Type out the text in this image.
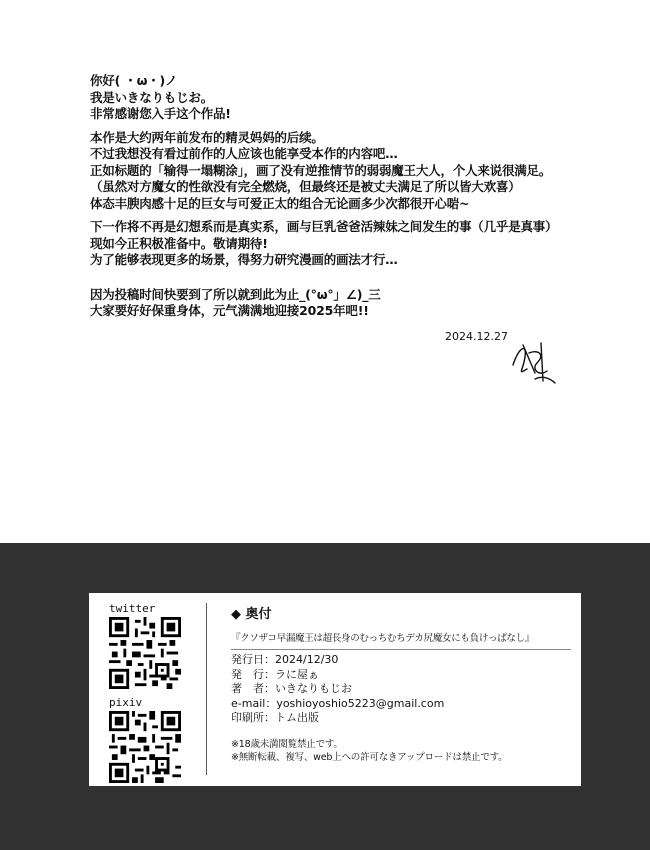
你好( ・ω・)ノ
我是いきなりもじお。
非常感谢您入手这个作品!
本作是大约两年前发布的精灵妈妈的后续。
不过我想没有看过前作的人应该也能享受本作的内容吧…
正如标题的「输得一塌糊涂」，画了没有逆推情节的弱弱魔王大人，个人来说很满足。
（虽然对方魔女的性欲没有完全燃烧，但最终还是被丈夫满足了所以皆大欢喜）
体态丰腴肉感十足的巨女与可爱正太的组合无论画多少次都很开心啱~
下一作将不再是幻想系而是真实系，画与巨乳爸爸活辣妹之间发生的事（几乎是真事）
现如今正积极准备中。敬请期待!
为了能够表现更多的场景，得努力研究漫画的画法才行…
因为投稿时间快要到了所以就到此为止_(°ω°」∠)_三
大家要好好保重身体，元气满满地迎接2025年吧!!
2024.12.27
twitter
pixiv
◆ 奥付
『クソザコ早漏魔王は超長身のむっちむちデカ尻魔女にも負けっぱなし』
発行日：2024/12/30
発　行：ラに屋ぁ
著　者：いきなりもじお
e-mail：yoshioyoshio5223@gmail.com
印刷所：トム出版
※18歳未満閲覧禁止です。
※無断転載、複写、web上への許可なきアップロードは禁止です。
